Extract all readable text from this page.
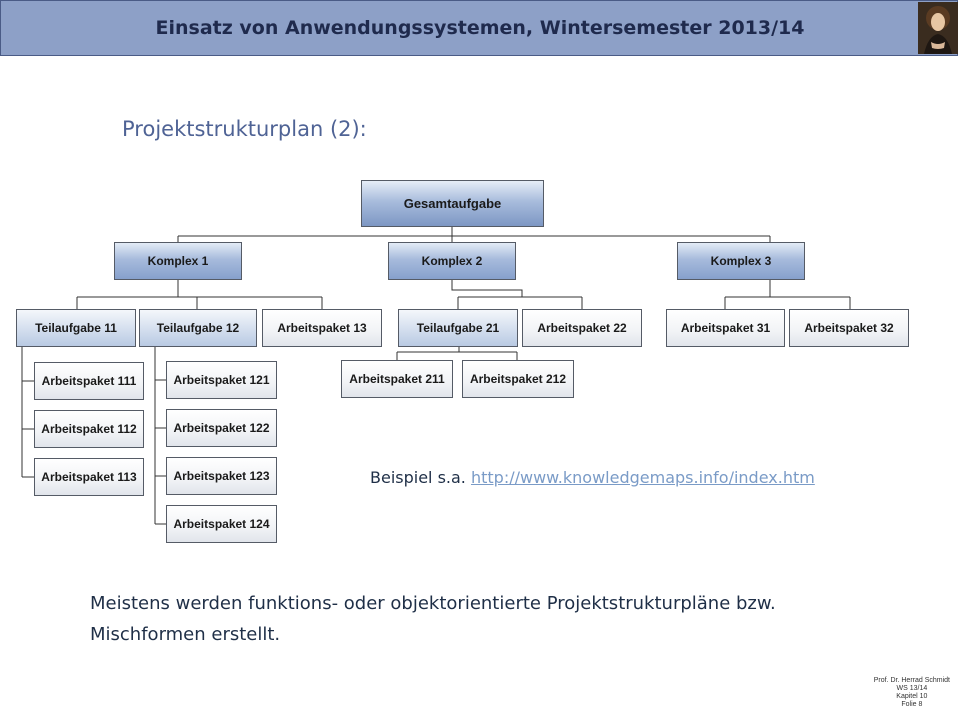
Einsatz von Anwendungssystemen, Wintersemester 2013/14
Projektstrukturplan (2):
Gesamtaufgabe
Komplex 1	Komplex 2	Komplex 3
Teilaufgabe 11	Teilaufgabe 12	Arbeitspaket 13	Teilaufgabe 21	Arbeitspaket 22	Arbeitspaket 31	Arbeitspaket 32
Arbeitspaket 111
Arbeitspaket 112
Arbeitspaket 113
Arbeitspaket 121
Arbeitspaket 122
Arbeitspaket 123
Arbeitspaket 124
Arbeitspaket 211	Arbeitspaket 212
Beispiel s.a. http://www.knowledgemaps.info/index.htm
Meistens werden funktions- oder objektorientierte Projektstrukturpläne bzw. Mischformen erstellt.
Prof. Dr. Herrad Schmidt
WS 13/14
Kapitel 10
Folie 8
